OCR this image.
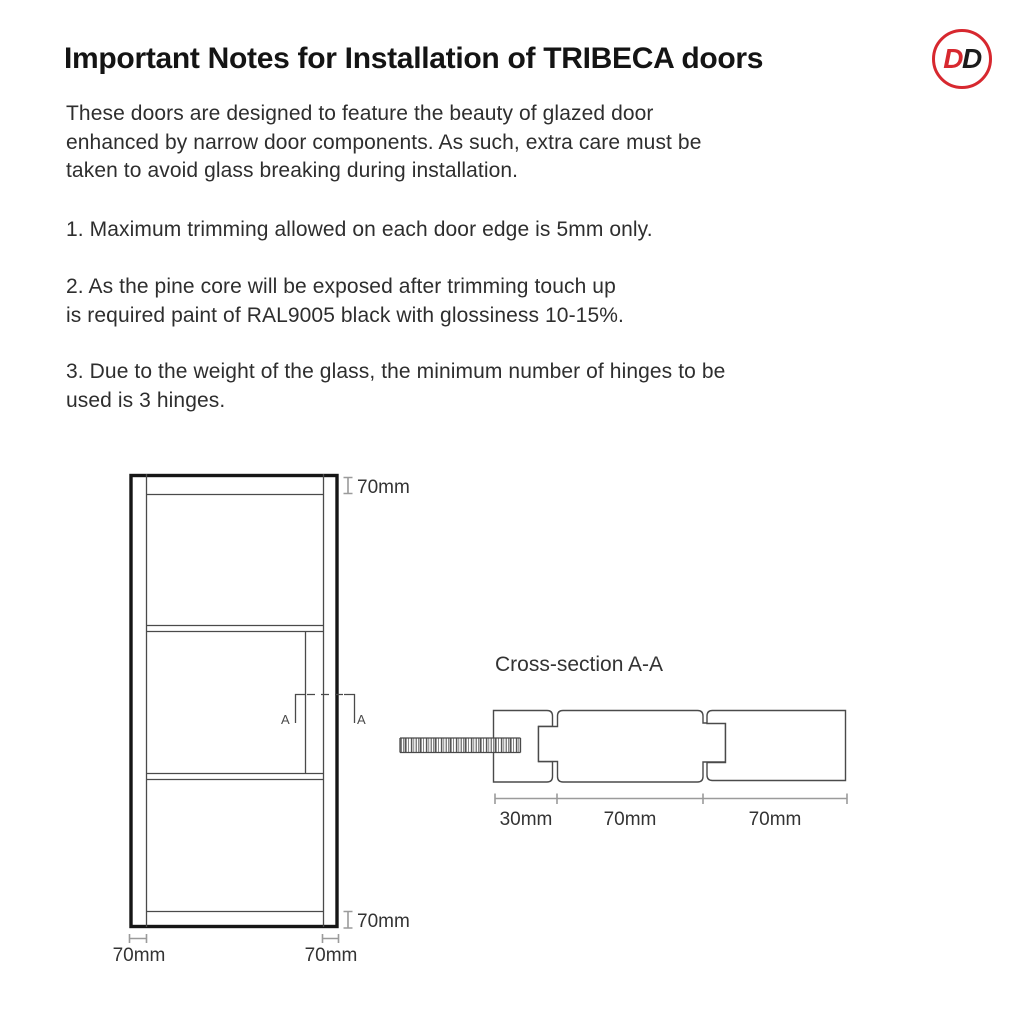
Important Notes for Installation of TRIBECA doors	DD
These doors are designed to feature the beauty of glazed door
enhanced by narrow door components. As such, extra care must be
taken to avoid glass breaking during installation.
1. Maximum trimming allowed on each door edge is 5mm only.
2. As the pine core will be exposed after trimming touch up
is required paint of RAL9005 black with glossiness 10-15%.
3. Due to the weight of the glass, the minimum number of hinges to be
used is 3 hinges.
A	A
70mm
70mm
70mm	70mm
Cross-section A-A
30mm	70mm	70mm
